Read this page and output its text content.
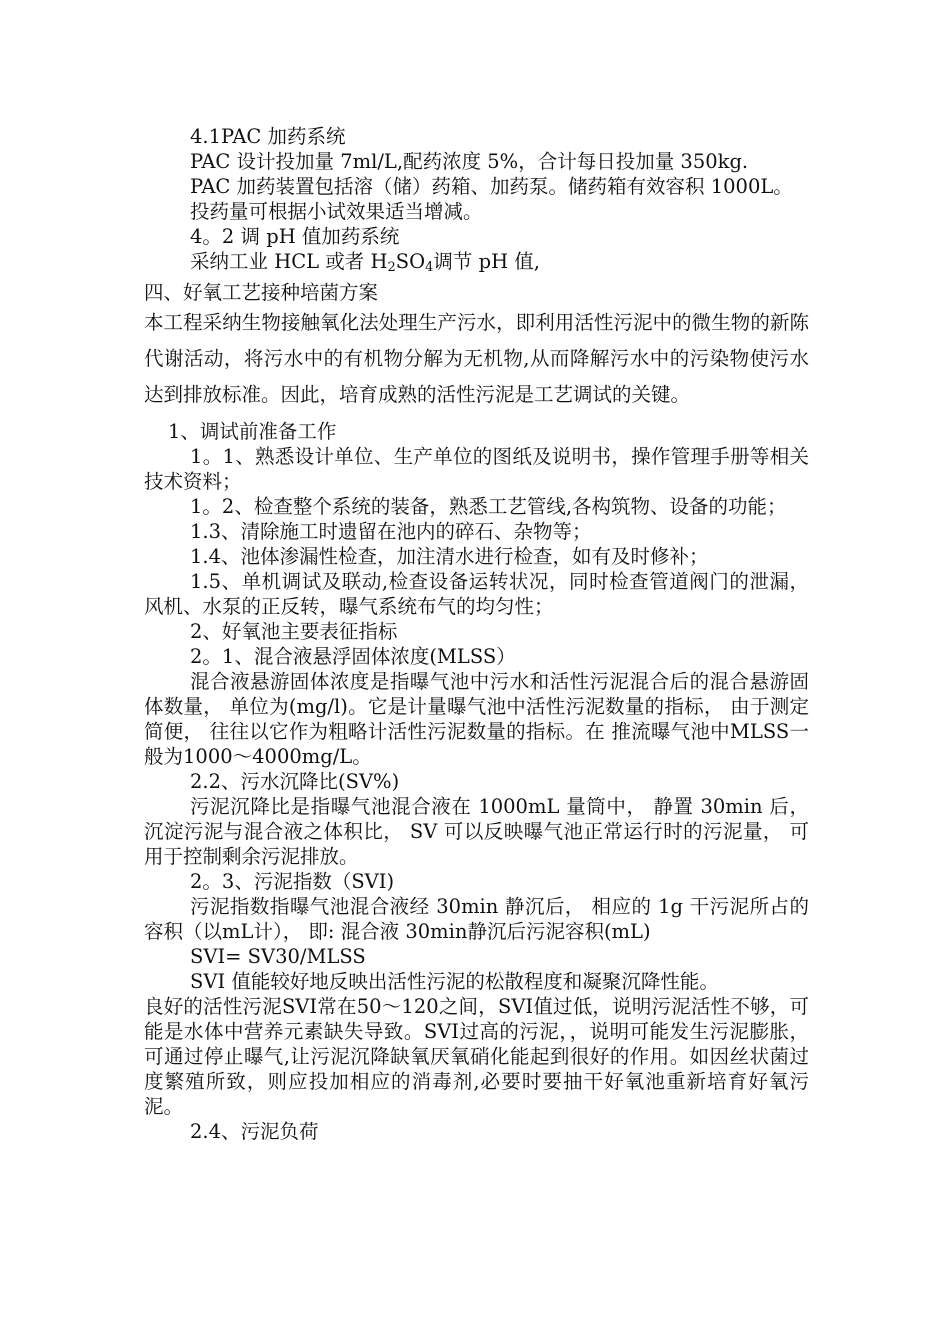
4.1PAC 加药系统

PAC 设计投加量 7ml/L,配药浓度 5%，合计每日投加量 350kg.

PAC 加药装置包括溶（储）药箱、加药泵。储药箱有效容积 1000L。

投药量可根据小试效果适当增减。

4。2 调 pH 值加药系统

采纳工业 HCL 或者 $H_2SO_4$调节 pH 值,

四、好氧工艺接种培菌方案

本工程采纳生物接触氧化法处理生产污水，即利用活性污泥中的微生物的新陈代谢活动，将污水中的有机物分解为无机物,从而降解污水中的污染物使污水达到排放标准。因此，培育成熟的活性污泥是工艺调试的关键。

1、调试前准备工作

1。1、熟悉设计单位、生产单位的图纸及说明书，操作管理手册等相关技术资料；

1。2、检查整个系统的装备，熟悉工艺管线,各构筑物、设备的功能；

1.3、清除施工时遗留在池内的碎石、杂物等；

1.4、池体渗漏性检查，加注清水进行检查，如有及时修补；

1.5、单机调试及联动,检查设备运转状况，同时检查管道阀门的泄漏，风机、水泵的正反转，曝气系统布气的均匀性；

2、好氧池主要表征指标

2。1、混合液悬浮固体浓度(MLSS）

混合液悬游固体浓度是指曝气池中污水和活性污泥混合后的混合悬游固体数量， 单位为(mg/l)。它是计量曝气池中活性污泥数量的指标， 由于测定简便， 往往以它作为粗略计活性污泥数量的指标。在 推流曝气池中MLSS一般为1000～4000mg/L。

2.2、污水沉降比(SV%)

污泥沉降比是指曝气池混合液在 1000mL 量筒中， 静置 30min 后， 沉淀污泥与混合液之体积比， SV 可以反映曝气池正常运行时的污泥量， 可用于控制剩余污泥排放。

2。3、污泥指数（SVI)

污泥指数指曝气池混合液经 30min 静沉后， 相应的 1g 干污泥所占的容积（以mL计）， 即: 混合液 30min静沉后污泥容积(mL)

SVI= SV30/MLSS

SVI 值能较好地反映出活性污泥的松散程度和凝聚沉降性能。

良好的活性污泥SVI常在50～120之间，SVI值过低，说明污泥活性不够，可能是水体中营养元素缺失导致。SVI过高的污泥，，说明可能发生污泥膨胀，可通过停止曝气,让污泥沉降缺氧厌氧硝化能起到很好的作用。如因丝状菌过度繁殖所致，则应投加相应的消毒剂,必要时要抽干好氧池重新培育好氧污泥。

2.4、污泥负荷
